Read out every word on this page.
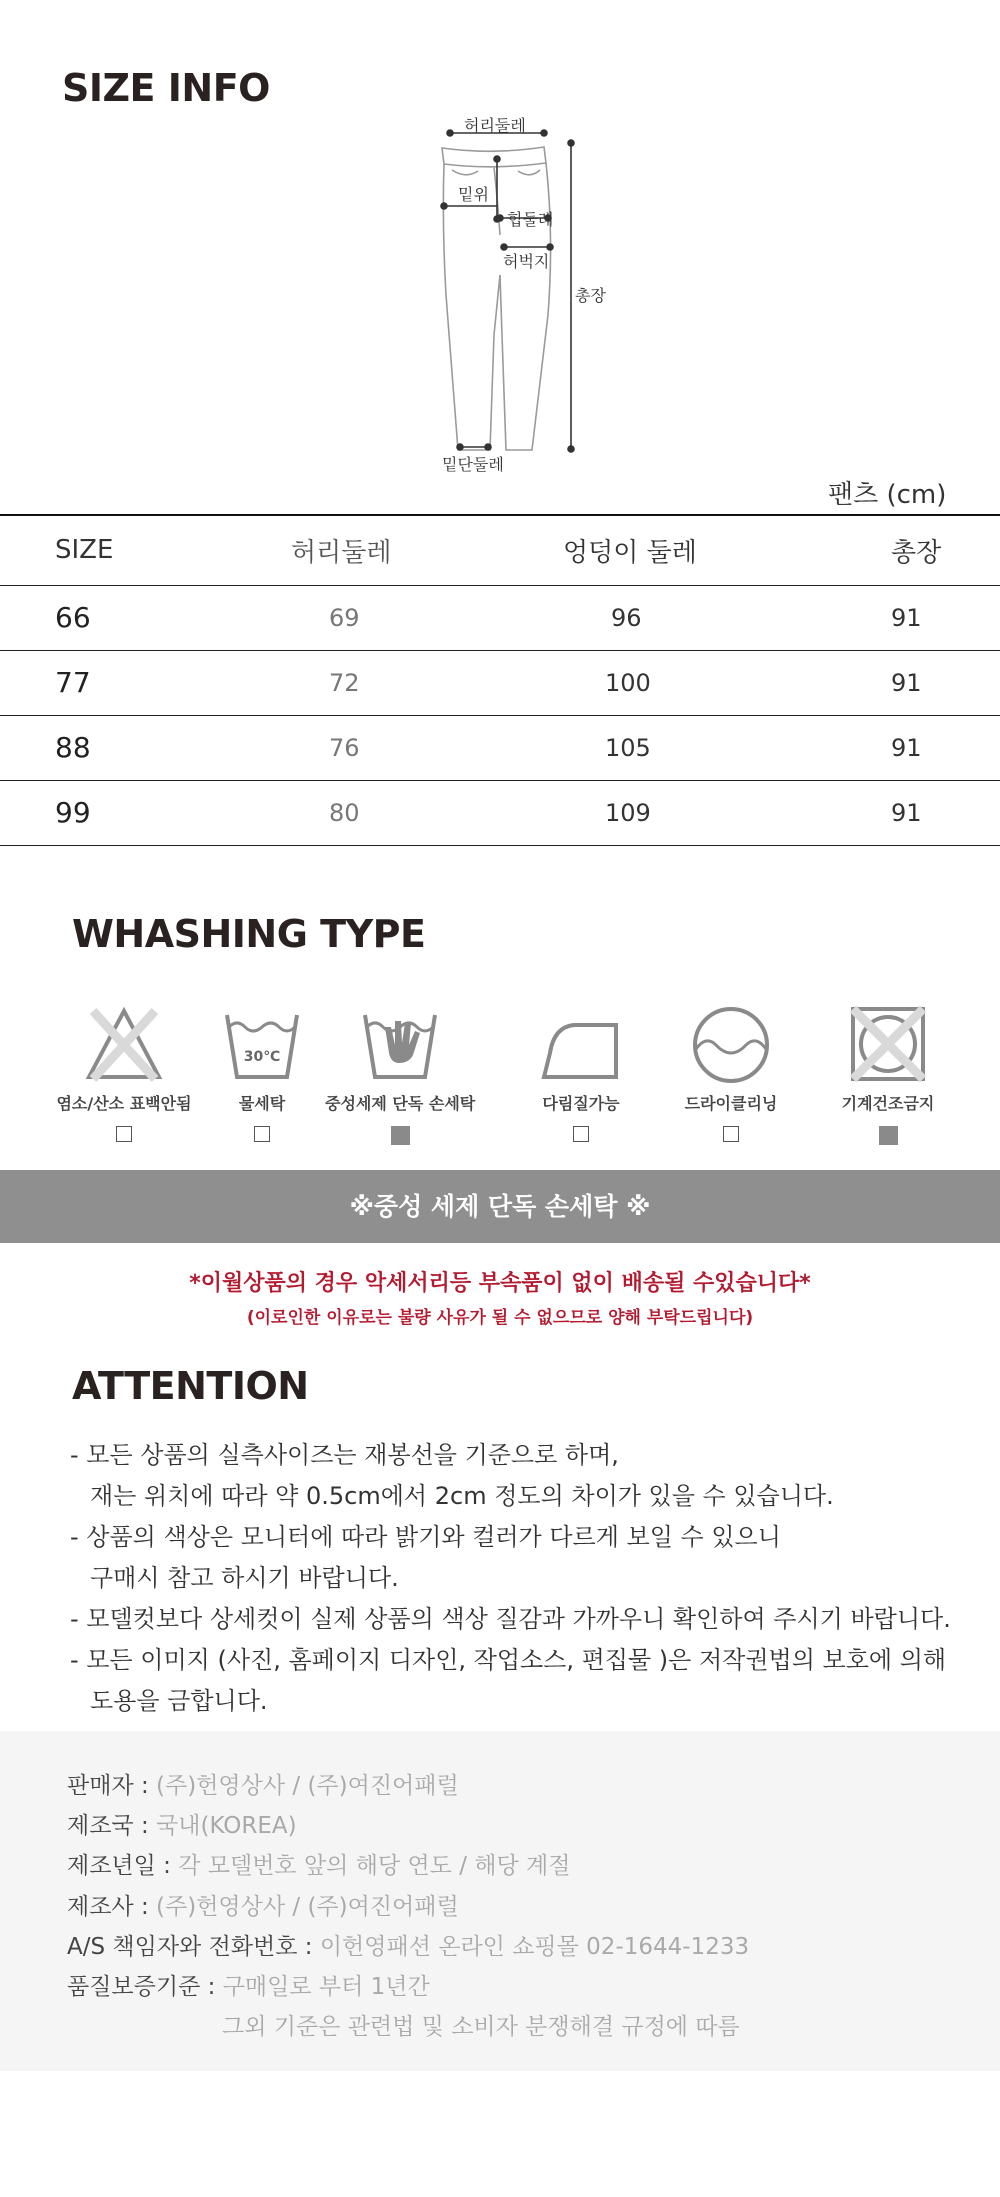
SIZE INFO
허리둘레
밑위
힙둘레
허벅지
총장
밑단둘레
팬츠 (cm)
SIZE	허리둘레	엉덩이 둘레	총장
66	69	96	91
77	72	100	91
88	76	105	91
99	80	109	91
WHASHING TYPE
염소/산소 표백안됨
30℃
물세탁	중성세제 단독 손세탁	다림질가능	드라이클리닝	기계건조금지
※중성 세제 단독 손세탁 ※
*이월상품의 경우 악세서리등 부속품이 없이 배송될 수있습니다*
(이로인한 이유로는 불량 사유가 될 수 없으므로 양해 부탁드립니다)
ATTENTION
- 모든 상품의 실측사이즈는 재봉선을 기준으로 하며,
재는 위치에 따라 약 0.5cm에서 2cm 정도의 차이가 있을 수 있습니다.
- 상품의 색상은 모니터에 따라 밝기와 컬러가 다르게 보일 수 있으니
구매시 참고 하시기 바랍니다.
- 모델컷보다 상세컷이 실제 상품의 색상 질감과 가까우니 확인하여 주시기 바랍니다.
- 모든 이미지 (사진, 홈페이지 디자인, 작업소스, 편집물 )은 저작권법의 보호에 의해
도용을 금합니다.
판매자 : (주)헌영상사 / (주)여진어패럴
제조국 : 국내(KOREA)
제조년일 : 각 모델번호 앞의 해당 연도 / 해당 계절
제조사 : (주)헌영상사 / (주)여진어패럴
A/S 책임자와 전화번호 : 이헌영패션 온라인 쇼핑몰 02-1644-1233
품질보증기준 : 구매일로 부터 1년간
그외 기준은 관련법 및 소비자 분쟁해결 규정에 따름
